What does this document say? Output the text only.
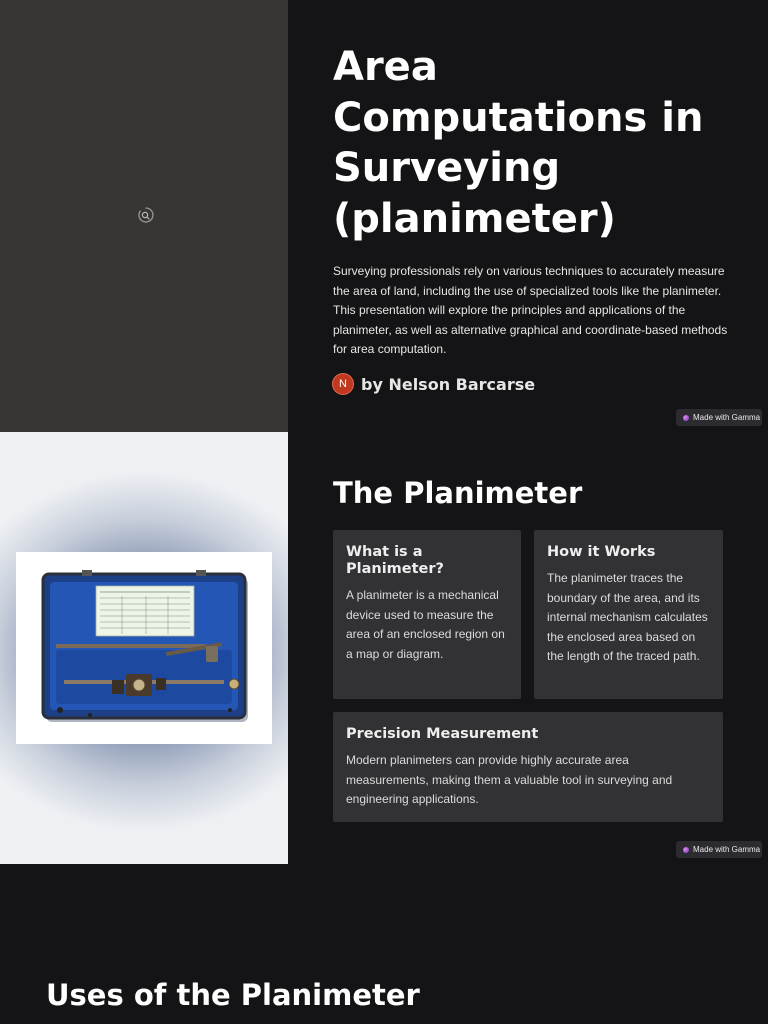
Area Computations in Surveying (planimeter)

Surveying professionals rely on various techniques to accurately measure the area of land, including the use of specialized tools like the planimeter. This presentation will explore the principles and applications of the planimeter, as well as alternative graphical and coordinate-based methods for area computation.

N by Nelson Barcarse
Made with Gamma
The Planimeter
What is a Planimeter?

A planimeter is a mechanical device used to measure the area of an enclosed region on a map or diagram.

How it Works

The planimeter traces the boundary of the area, and its internal mechanism calculates the enclosed area based on the length of the traced path.

Precision Measurement

Modern planimeters can provide highly accurate area measurements, making them a valuable tool in surveying and engineering applications.

Made with Gamma
Uses of the Planimeter
